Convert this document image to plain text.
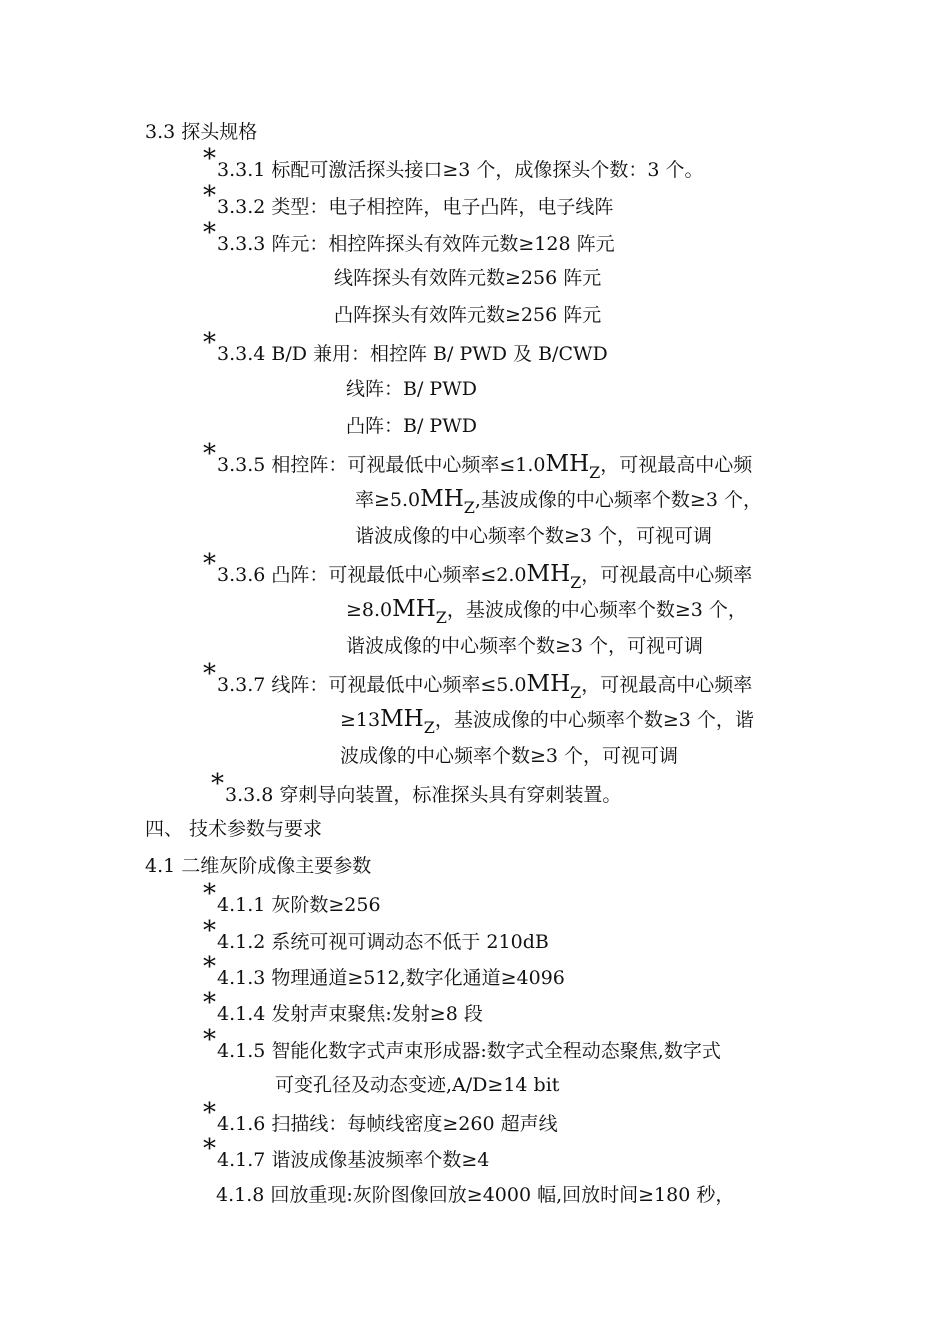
3.3 探头规格
*3.3.1 标配可激活探头接口≥3 个，成像探头个数：3 个。
*3.3.2 类型：电子相控阵，电子凸阵，电子线阵
*3.3.3 阵元：相控阵探头有效阵元数≥128 阵元
线阵探头有效阵元数≥256 阵元
凸阵探头有效阵元数≥256 阵元
*3.3.4 B/D 兼用：相控阵 B/ PWD 及 B/CWD
线阵：B/ PWD
凸阵：B/ PWD
*3.3.5 相控阵：可视最低中心频率$\le 1.0MH_Z$，可视最高中心频
率$\ge 5.0MH_Z$,基波成像的中心频率个数≥3 个，
谐波成像的中心频率个数≥3 个，可视可调
*3.3.6 凸阵：可视最低中心频率$\le 2.0MH_Z$，可视最高中心频率
$\ge 8.0MH_Z$，基波成像的中心频率个数≥3 个，
谐波成像的中心频率个数≥3 个，可视可调
*3.3.7 线阵：可视最低中心频率$\le 5.0MH_Z$，可视最高中心频率
$\ge 13MH_Z$，基波成像的中心频率个数≥3 个，谐
波成像的中心频率个数≥3 个，可视可调
*3.3.8 穿刺导向装置，标准探头具有穿刺装置。
四、 技术参数与要求
4.1 二维灰阶成像主要参数
*4.1.1 灰阶数≥256
*4.1.2 系统可视可调动态不低于 210dB
*4.1.3 物理通道≥512,数字化通道≥4096
*4.1.4 发射声束聚焦:发射≥8 段
*4.1.5 智能化数字式声束形成器:数字式全程动态聚焦,数字式
可变孔径及动态变迹,A/D≥14 bit
*4.1.6 扫描线：每帧线密度≥260 超声线
*4.1.7 谐波成像基波频率个数≥4
4.1.8 回放重现:灰阶图像回放≥4000 幅,回放时间≥180 秒，
